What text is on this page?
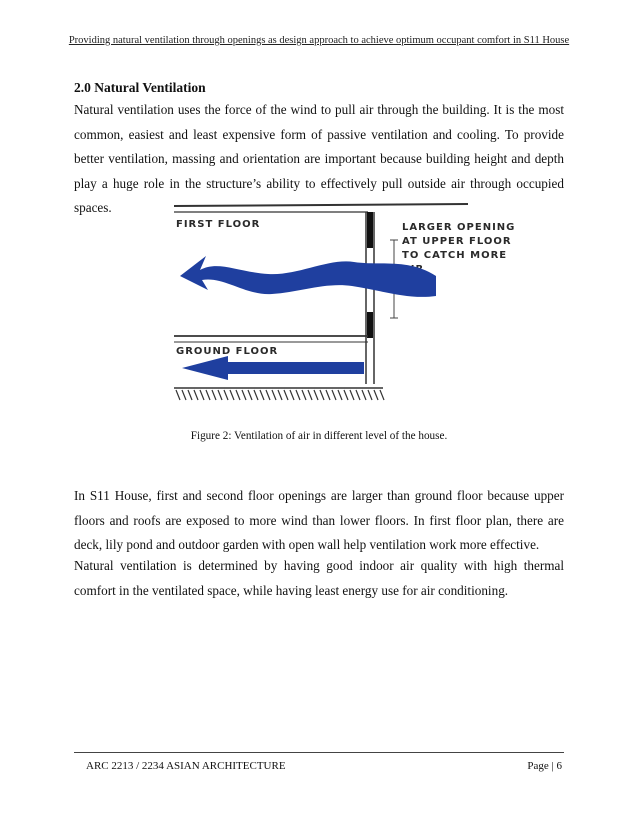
Providing natural ventilation through openings as design approach to achieve optimum occupant comfort in S11 House
2.0 Natural Ventilation
Natural ventilation uses the force of the wind to pull air through the building. It is the most common, easiest and least expensive form of passive ventilation and cooling. To provide better ventilation, massing and orientation are important because building height and depth play a huge role in the structure’s ability to effectively pull outside air through occupied spaces.
FIRST FLOOR	LARGER OPENING
AT UPPER FLOOR
TO CATCH MORE
GROUND FLOOR
Figure 2: Ventilation of air in different level of the house.
In S11 House, first and second floor openings are larger than ground floor because upper floors and roofs are exposed to more wind than lower floors. In first floor plan, there are deck, lily pond and outdoor garden with open wall help ventilation work more effective.
Natural ventilation is determined by having good indoor air quality with high thermal comfort in the ventilated space, while having least energy use for air conditioning.
ARC 2213 / 2234 ASIAN ARCHITECTURE	Page | 6
